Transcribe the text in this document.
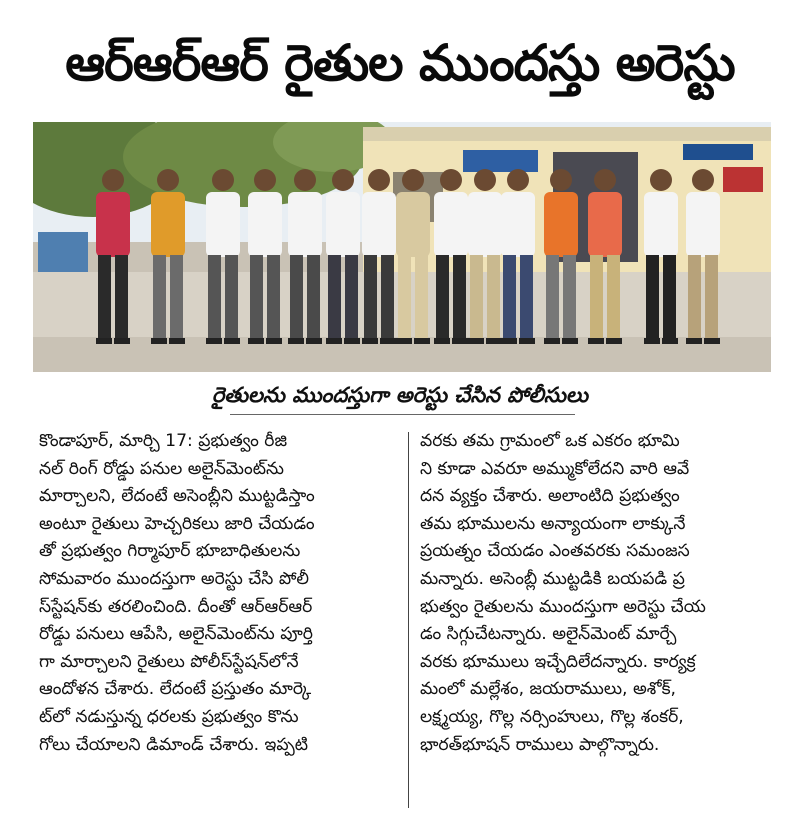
ఆర్‌ఆర్‌ఆర్‌ రైతుల ముందస్తు అరెస్టు
రైతులను ముందస్తుగా అరెస్టు చేసిన పోలీసులు
కొండాపూర్‌, మార్చి 17: ప్రభుత్వం రీజి
నల్‌ రింగ్‌ రోడ్డు పనుల అలైన్‌మెంట్‌ను
మార్చాలని, లేదంటే అసెంబ్లీని ముట్టడిస్తాం
అంటూ రైతులు హెచ్చరికలు జారి చేయడం
తో ప్రభుత్వం గిర్మాపూర్‌ భూబాధితులను
సోమవారం ముందస్తుగా అరెస్టు చేసి పోలీ
స్‌స్టేషన్‌కు తరలించింది. దీంతో ఆర్‌ఆర్‌ఆర్‌
రోడ్డు పనులు ఆపేసి, అలైన్‌మెంట్‌ను పూర్తి
గా మార్చాలని రైతులు పోలీస్‌స్టేషన్‌లోనే
ఆందోళన చేశారు. లేదంటే ప్రస్తుతం మార్కె
ట్‌లో నడుస్తున్న ధరలకు ప్రభుత్వం కొను
గోలు చేయాలని డిమాండ్‌ చేశారు. ఇప్పటి
వరకు తమ గ్రామంలో ఒక ఎకరం భూమి
ని కూడా ఎవరూ అమ్ముకోలేదని వారి ఆవే
దన వ్యక్తం చేశారు. అలాంటిది ప్రభుత్వం
తమ భూములను అన్యాయంగా లాక్కునే
ప్రయత్నం చేయడం ఎంతవరకు సమంజస
మన్నారు. అసెంబ్లీ ముట్టడికి బయపడి ప్ర
భుత్వం రైతులను ముందస్తుగా అరెస్టు చేయ
డం సిగ్గుచేటన్నారు. అలైన్‌మెంట్‌ మార్చే
వరకు భూములు ఇచ్చేదిలేదన్నారు. కార్యక్ర
మంలో మల్లేశం, జయరాములు, అశోక్‌,
లక్ష్మయ్య, గొల్ల నర్సింహులు, గొల్ల శంకర్‌,
భారత్‌భూషన్‌ రాములు పాల్గొన్నారు.
